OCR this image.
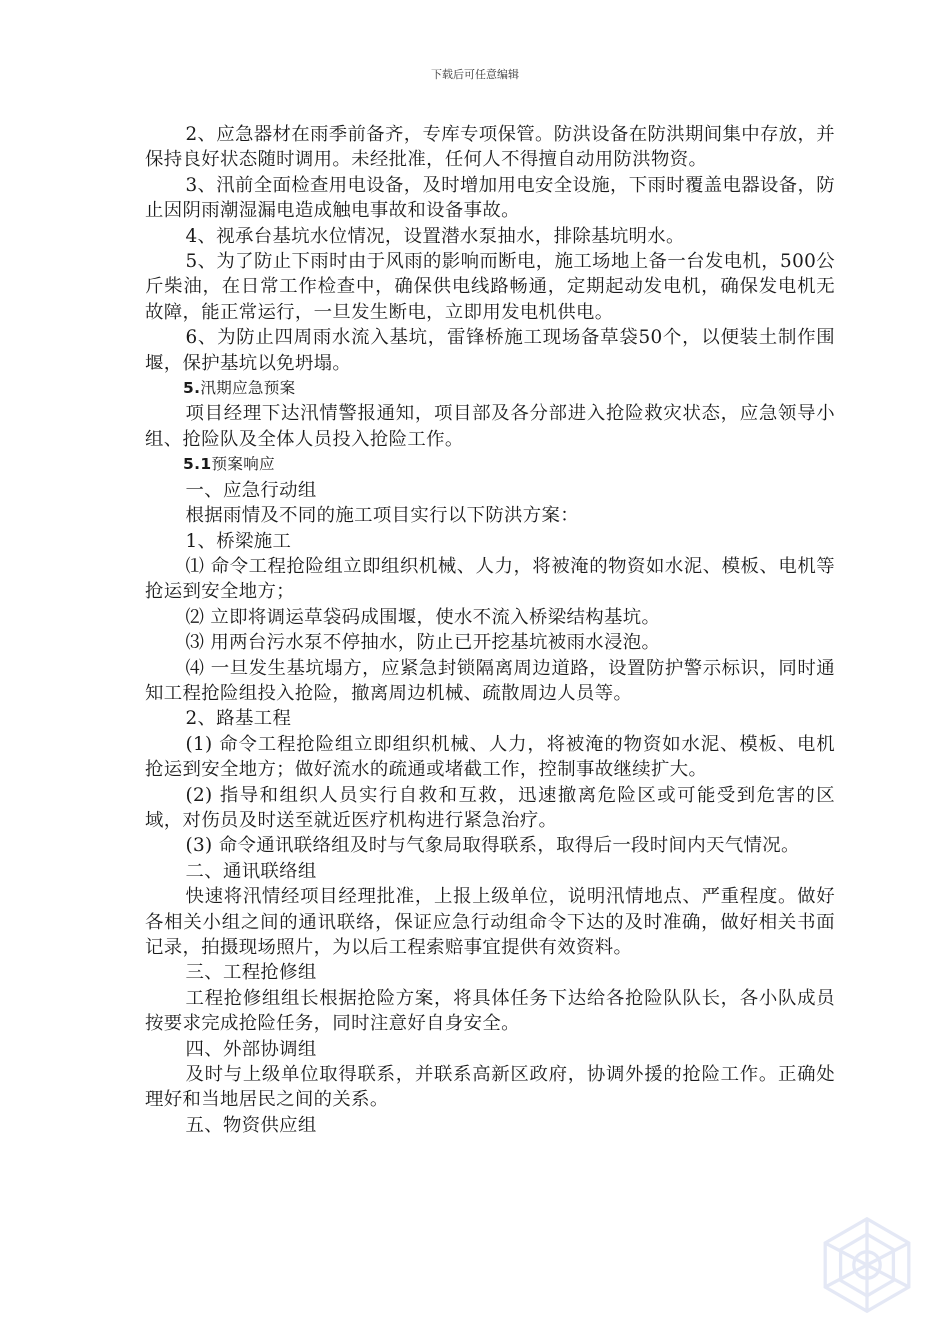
下载后可任意编辑

2、应急器材在雨季前备齐，专库专项保管。防洪设备在防洪期间集中存放，并保持良好状态随时调用。未经批准，任何人不得擅自动用防洪物资。

3、汛前全面检查用电设备，及时增加用电安全设施，下雨时覆盖电器设备，防止因阴雨潮湿漏电造成触电事故和设备事故。

4、视承台基坑水位情况，设置潜水泵抽水，排除基坑明水。

5、为了防止下雨时由于风雨的影响而断电，施工场地上备一台发电机，500公斤柴油，在日常工作检查中，确保供电线路畅通，定期起动发电机，确保发电机无故障，能正常运行，一旦发生断电，立即用发电机供电。

6、为防止四周雨水流入基坑，雷锋桥施工现场备草袋50个，以便装土制作围堰，保护基坑以免坍塌。

5.汛期应急预案

项目经理下达汛情警报通知，项目部及各分部进入抢险救灾状态，应急领导小组、抢险队及全体人员投入抢险工作。

5.1预案响应

一、应急行动组

根据雨情及不同的施工项目实行以下防洪方案：

1、桥梁施工

⑴ 命令工程抢险组立即组织机械、人力，将被淹的物资如水泥、模板、电机等抢运到安全地方；

⑵ 立即将调运草袋码成围堰，使水不流入桥梁结构基坑。

⑶ 用两台污水泵不停抽水，防止已开挖基坑被雨水浸泡。

⑷ 一旦发生基坑塌方，应紧急封锁隔离周边道路，设置防护警示标识，同时通知工程抢险组投入抢险，撤离周边机械、疏散周边人员等。

2、路基工程

(1) 命令工程抢险组立即组织机械、人力，将被淹的物资如水泥、模板、电机抢运到安全地方；做好流水的疏通或堵截工作，控制事故继续扩大。

(2) 指导和组织人员实行自救和互救，迅速撤离危险区或可能受到危害的区域，对伤员及时送至就近医疗机构进行紧急治疗。

(3) 命令通讯联络组及时与气象局取得联系，取得后一段时间内天气情况。

二、通讯联络组

快速将汛情经项目经理批准，上报上级单位，说明汛情地点、严重程度。做好各相关小组之间的通讯联络，保证应急行动组命令下达的及时准确，做好相关书面记录，拍摄现场照片，为以后工程索赔事宜提供有效资料。

三、工程抢修组

工程抢修组组长根据抢险方案，将具体任务下达给各抢险队队长，各小队成员按要求完成抢险任务，同时注意好自身安全。

四、外部协调组

及时与上级单位取得联系，并联系高新区政府，协调外援的抢险工作。正确处理好和当地居民之间的关系。

五、物资供应组
